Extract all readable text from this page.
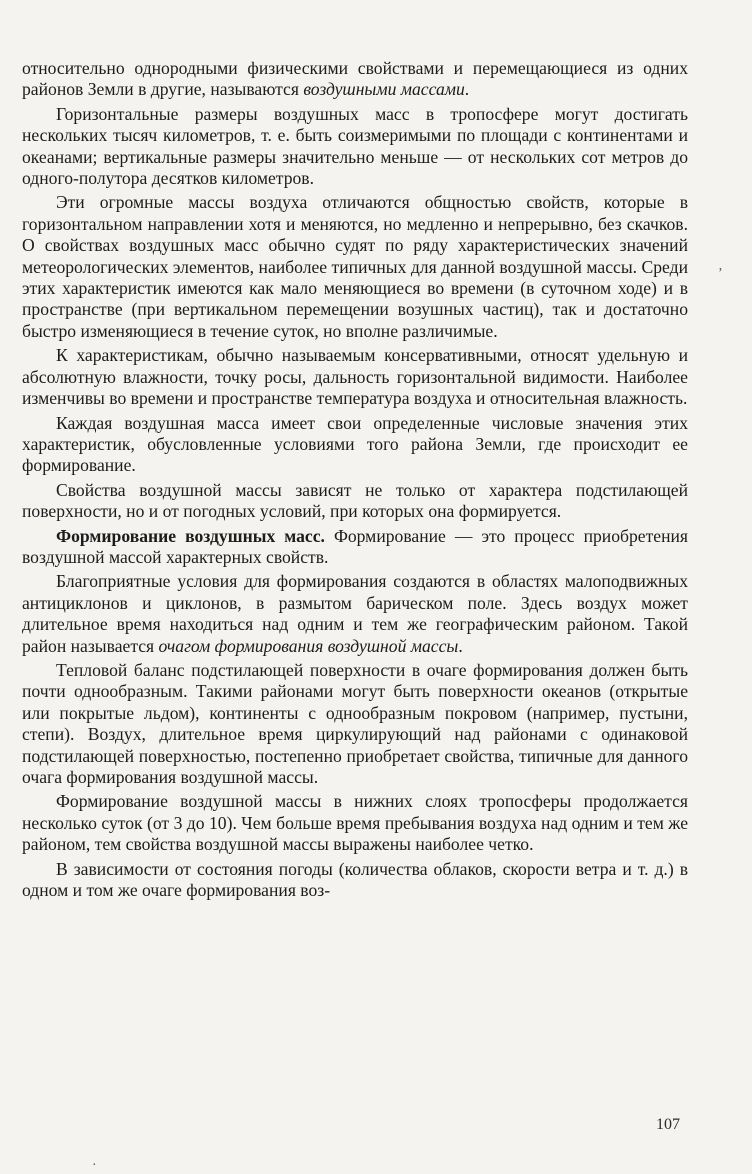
относительно однородными физическими свойствами и перемещающиеся из одних районов Земли в другие, называются воздушными массами.

Горизонтальные размеры воздушных масс в тропосфере могут достигать нескольких тысяч километров, т. е. быть соизмеримыми по площади с континентами и океанами; вертикальные размеры значительно меньше — от нескольких сот метров до одного-полутора десятков километров.

Эти огромные массы воздуха отличаются общностью свойств, которые в горизонтальном направлении хотя и меняются, но медленно и непрерывно, без скачков. О свойствах воздушных масс обычно судят по ряду характеристических значений метеорологических элементов, наиболее типичных для данной воздушной массы. Среди этих характеристик имеются как мало меняющиеся во времени (в суточном ходе) и в пространстве (при вертикальном перемещении возушных частиц), так и достаточно быстро изменяющиеся в течение суток, но вполне различимые.

К характеристикам, обычно называемым консервативными, относят удельную и абсолютную влажности, точку росы, дальность горизонтальной видимости. Наиболее изменчивы во времени и пространстве температура воздуха и относительная влажность.

Каждая воздушная масса имеет свои определенные числовые значения этих характеристик, обусловленные условиями того района Земли, где происходит ее формирование.

Свойства воздушной массы зависят не только от характера подстилающей поверхности, но и от погодных условий, при которых она формируется.

Формирование воздушных масс. Формирование — это процесс приобретения воздушной массой характерных свойств.

Благоприятные условия для формирования создаются в областях малоподвижных антициклонов и циклонов, в размытом барическом поле. Здесь воздух может длительное время находиться над одним и тем же географическим районом. Такой район называется очагом формирования воздушной массы.

Тепловой баланс подстилающей поверхности в очаге формирования должен быть почти однообразным. Такими районами могут быть поверхности океанов (открытые или покрытые льдом), континенты с однообразным покровом (например, пустыни, степи). Воздух, длительное время циркулирующий над районами с одинаковой подстилающей поверхностью, постепенно приобретает свойства, типичные для данного очага формирования воздушной массы.

Формирование воздушной массы в нижних слоях тропосферы продолжается несколько суток (от 3 до 10). Чем больше время пребывания воздуха над одним и тем же районом, тем свойства воздушной массы выражены наиболее четко.

В зависимости от состояния погоды (количества облаков, скорости ветра и т. д.) в одном и том же очаге формирования воз-

107
ʼ
·
